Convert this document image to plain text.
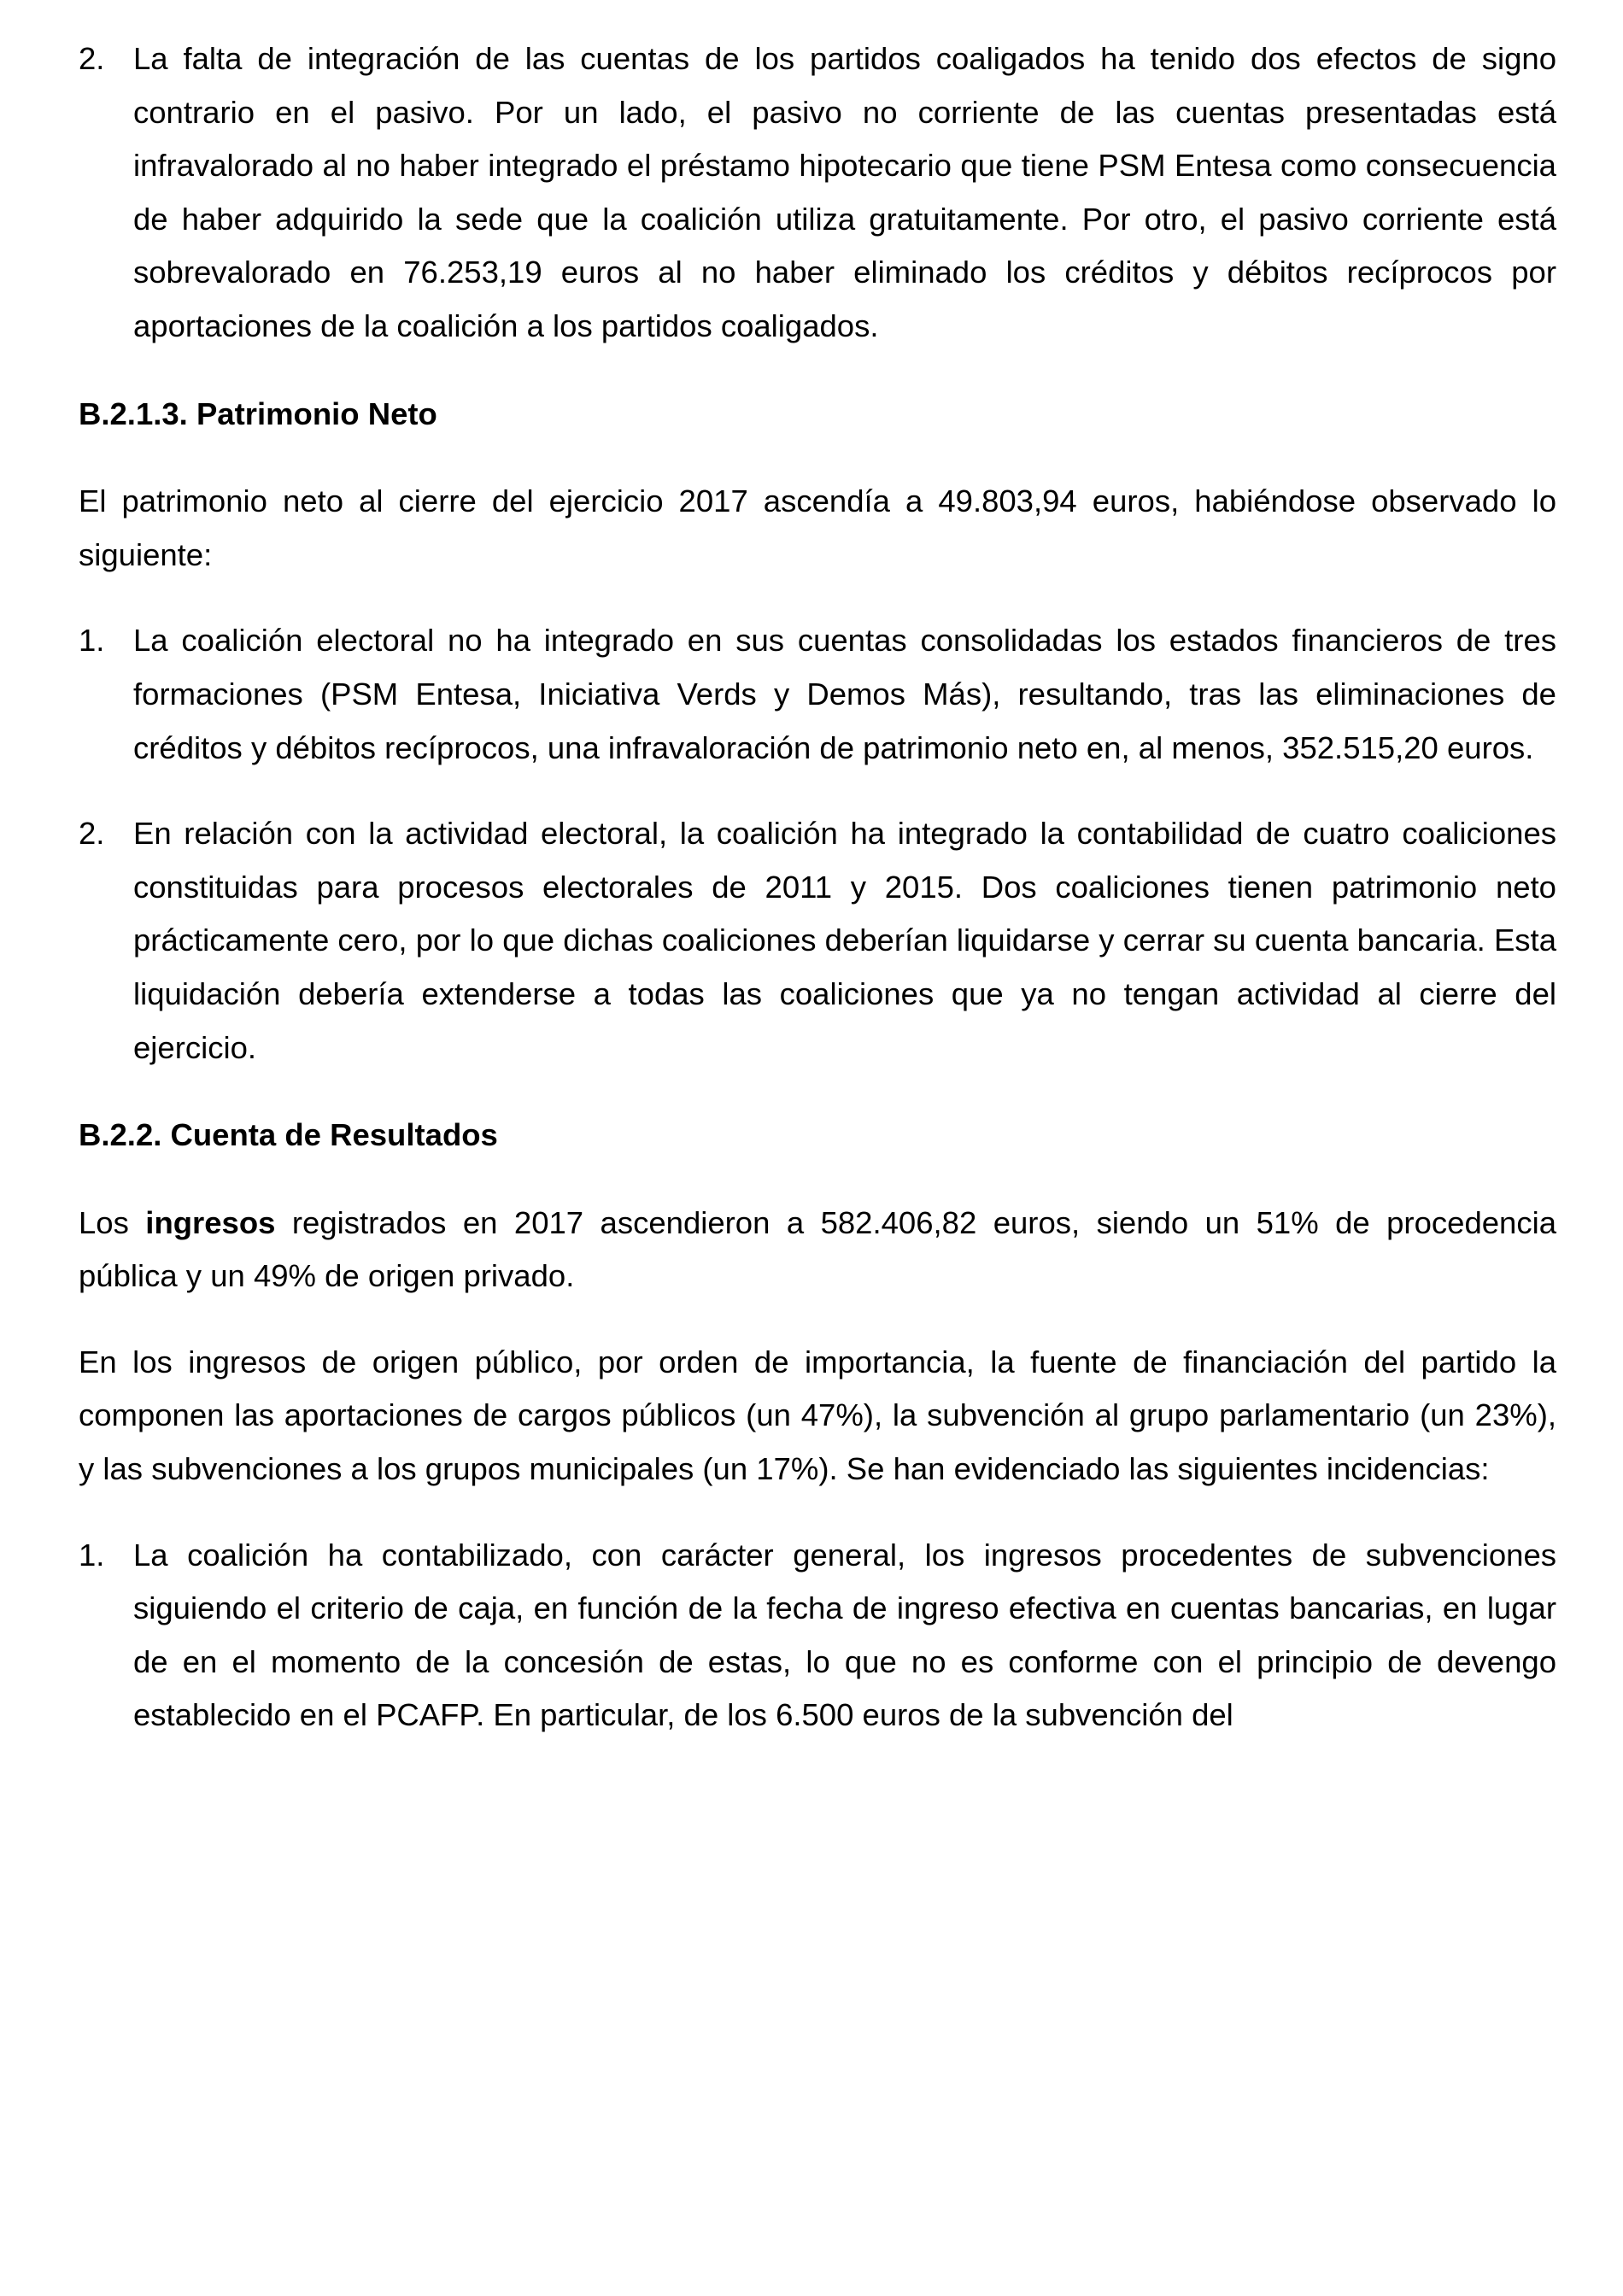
2. La falta de integración de las cuentas de los partidos coaligados ha tenido dos efectos de signo contrario en el pasivo. Por un lado, el pasivo no corriente de las cuentas presentadas está infravalorado al no haber integrado el préstamo hipotecario que tiene PSM Entesa como consecuencia de haber adquirido la sede que la coalición utiliza gratuitamente. Por otro, el pasivo corriente está sobrevalorado en 76.253,19 euros al no haber eliminado los créditos y débitos recíprocos por aportaciones de la coalición a los partidos coaligados.

B.2.1.3. Patrimonio Neto

El patrimonio neto al cierre del ejercicio 2017 ascendía a 49.803,94 euros, habiéndose observado lo siguiente:

1. La coalición electoral no ha integrado en sus cuentas consolidadas los estados financieros de tres formaciones (PSM Entesa, Iniciativa Verds y Demos Más), resultando, tras las eliminaciones de créditos y débitos recíprocos, una infravaloración de patrimonio neto en, al menos, 352.515,20 euros.

2. En relación con la actividad electoral, la coalición ha integrado la contabilidad de cuatro coaliciones constituidas para procesos electorales de 2011 y 2015. Dos coaliciones tienen patrimonio neto prácticamente cero, por lo que dichas coaliciones deberían liquidarse y cerrar su cuenta bancaria. Esta liquidación debería extenderse a todas las coaliciones que ya no tengan actividad al cierre del ejercicio.

B.2.2. Cuenta de Resultados

Los ingresos registrados en 2017 ascendieron a 582.406,82 euros, siendo un 51% de procedencia pública y un 49% de origen privado.

En los ingresos de origen público, por orden de importancia, la fuente de financiación del partido la componen las aportaciones de cargos públicos (un 47%), la subvención al grupo parlamentario (un 23%), y las subvenciones a los grupos municipales (un 17%). Se han evidenciado las siguientes incidencias:

1. La coalición ha contabilizado, con carácter general, los ingresos procedentes de subvenciones siguiendo el criterio de caja, en función de la fecha de ingreso efectiva en cuentas bancarias, en lugar de en el momento de la concesión de estas, lo que no es conforme con el principio de devengo establecido en el PCAFP. En particular, de los 6.500 euros de la subvención del
